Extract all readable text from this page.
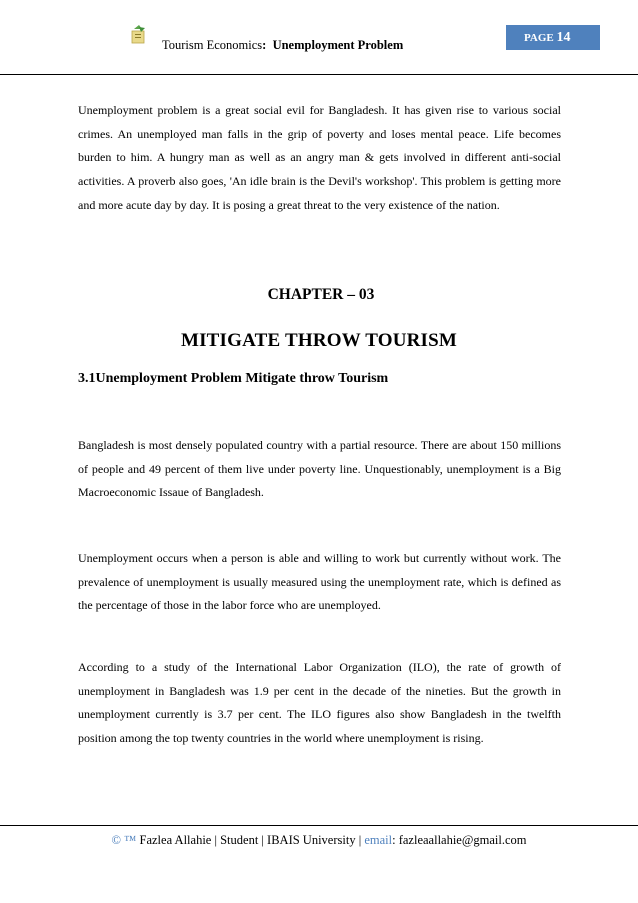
Tourism Economics: Unemployment Problem	PAGE 14
Unemployment problem is a great social evil for Bangladesh. It has given rise to various social crimes. An unemployed man falls in the grip of poverty and loses mental peace. Life becomes burden to him. A hungry man as well as an angry man & gets involved in different anti-social activities. A proverb also goes, 'An idle brain is the Devil's workshop'. This problem is getting more and more acute day by day. It is posing a great threat to the very existence of the nation.
CHAPTER – 03
MITIGATE THROW TOURISM
3.1Unemployment Problem Mitigate throw Tourism
Bangladesh is most densely populated country with a partial resource. There are about 150 millions of people and 49 percent of them live under poverty line. Unquestionably, unemployment is a Big Macroeconomic Issaue of Bangladesh.
Unemployment occurs when a person is able and willing to work but currently without work. The prevalence of unemployment is usually measured using the unemployment rate, which is defined as the percentage of those in the labor force who are unemployed.
According to a study of the International Labor Organization (ILO), the rate of growth of unemployment in Bangladesh was 1.9 per cent in the decade of the nineties. But the growth in unemployment currently is 3.7 per cent. The ILO figures also show Bangladesh in the twelfth position among the top twenty countries in the world where unemployment is rising.
© ™ Fazlea Allahie | Student | IBAIS University | email: fazleaallahie@gmail.com
